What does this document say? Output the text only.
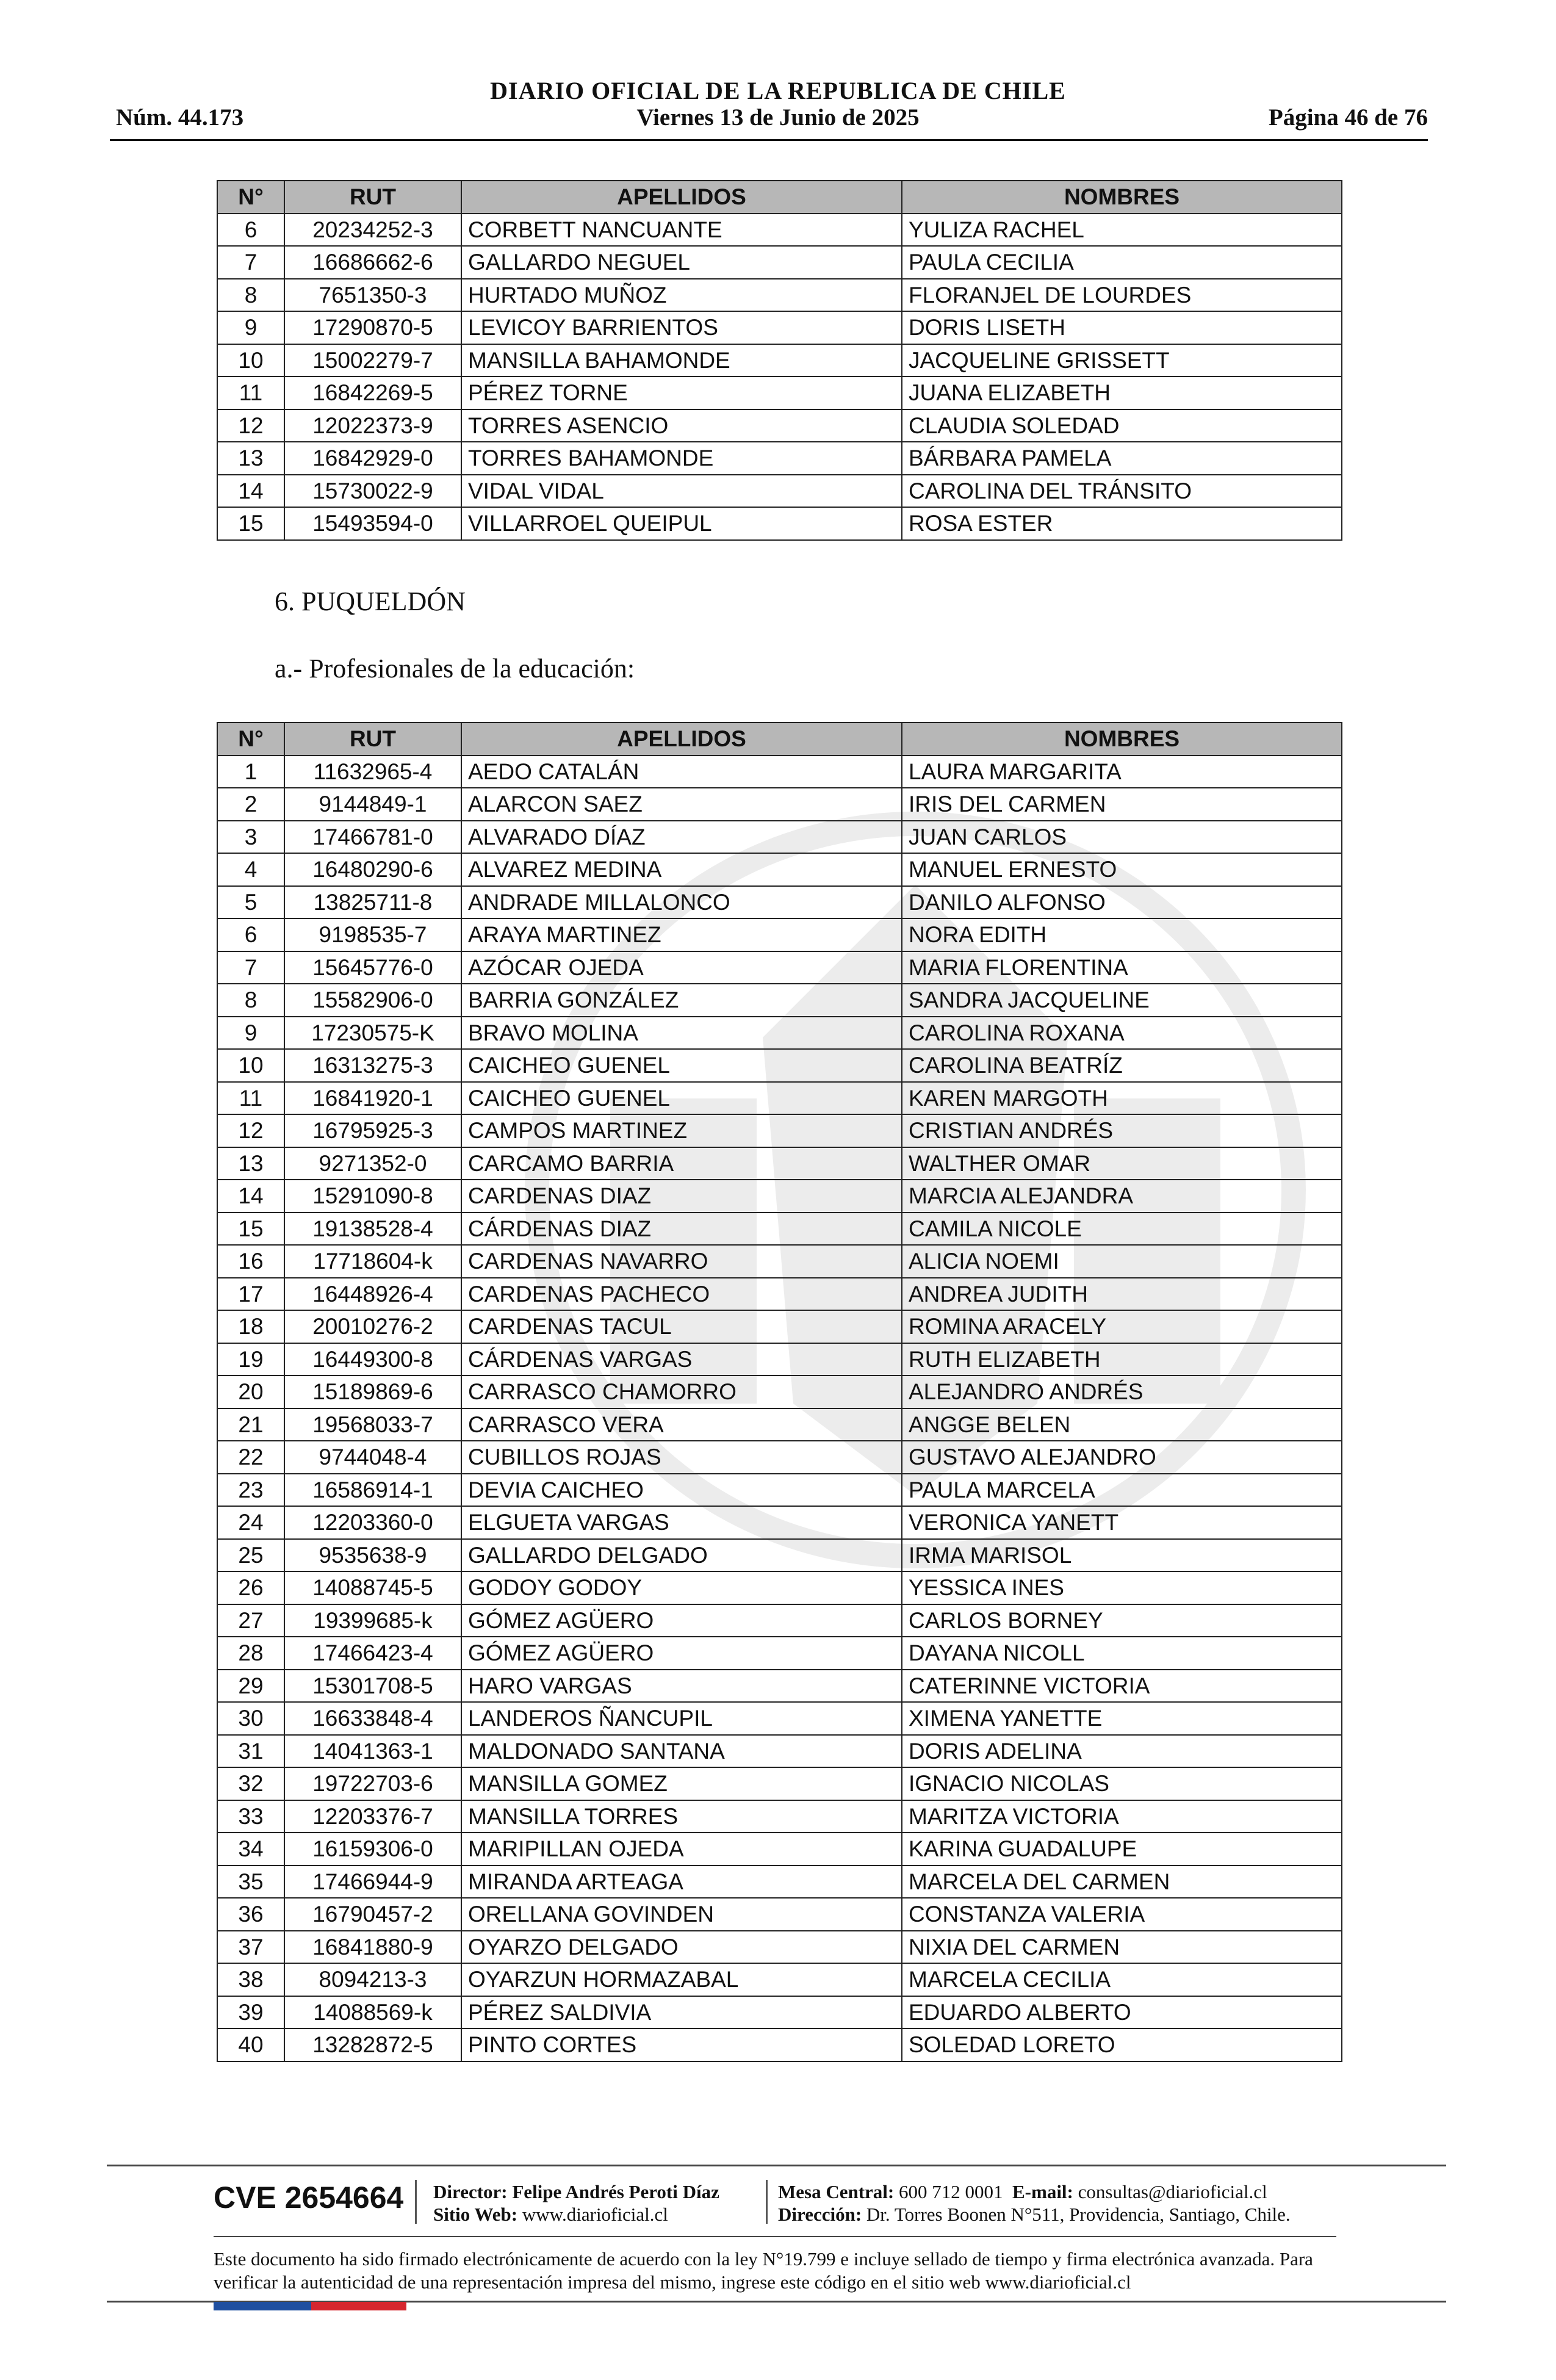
DIARIO OFICIAL DE LA REPUBLICA DE CHILE
Núm. 44.173	Viernes 13 de Junio de 2025	Página 46 de 76
N°	RUT	APELLIDOS	NOMBRES
6	20234252-3	CORBETT NANCUANTE	YULIZA RACHEL
7	16686662-6	GALLARDO NEGUEL	PAULA CECILIA
8	7651350-3	HURTADO MUÑOZ	FLORANJEL DE LOURDES
9	17290870-5	LEVICOY BARRIENTOS	DORIS LISETH
10	15002279-7	MANSILLA BAHAMONDE	JACQUELINE GRISSETT
11	16842269-5	PÉREZ TORNE	JUANA ELIZABETH
12	12022373-9	TORRES ASENCIO	CLAUDIA SOLEDAD
13	16842929-0	TORRES BAHAMONDE	BÁRBARA PAMELA
14	15730022-9	VIDAL VIDAL	CAROLINA DEL TRÁNSITO
15	15493594-0	VILLARROEL QUEIPUL	ROSA ESTER
6. PUQUELDÓN
a.- Profesionales de la educación:
N°	RUT	APELLIDOS	NOMBRES
1	11632965-4	AEDO CATALÁN	LAURA MARGARITA
2	9144849-1	ALARCON SAEZ	IRIS DEL CARMEN
3	17466781-0	ALVARADO DÍAZ	JUAN CARLOS
4	16480290-6	ALVAREZ MEDINA	MANUEL ERNESTO
5	13825711-8	ANDRADE MILLALONCO	DANILO ALFONSO
6	9198535-7	ARAYA MARTINEZ	NORA EDITH
7	15645776-0	AZÓCAR OJEDA	MARIA FLORENTINA
8	15582906-0	BARRIA GONZÁLEZ	SANDRA JACQUELINE
9	17230575-K	BRAVO MOLINA	CAROLINA ROXANA
10	16313275-3	CAICHEO GUENEL	CAROLINA BEATRÍZ
11	16841920-1	CAICHEO GUENEL	KAREN MARGOTH
12	16795925-3	CAMPOS MARTINEZ	CRISTIAN ANDRÉS
13	9271352-0	CARCAMO BARRIA	WALTHER OMAR
14	15291090-8	CARDENAS DIAZ	MARCIA ALEJANDRA
15	19138528-4	CÁRDENAS DIAZ	CAMILA NICOLE
16	17718604-k	CARDENAS NAVARRO	ALICIA NOEMI
17	16448926-4	CARDENAS PACHECO	ANDREA JUDITH
18	20010276-2	CARDENAS TACUL	ROMINA ARACELY
19	16449300-8	CÁRDENAS VARGAS	RUTH ELIZABETH
20	15189869-6	CARRASCO CHAMORRO	ALEJANDRO ANDRÉS
21	19568033-7	CARRASCO VERA	ANGGE BELEN
22	9744048-4	CUBILLOS ROJAS	GUSTAVO ALEJANDRO
23	16586914-1	DEVIA CAICHEO	PAULA MARCELA
24	12203360-0	ELGUETA VARGAS	VERONICA YANETT
25	9535638-9	GALLARDO DELGADO	IRMA MARISOL
26	14088745-5	GODOY GODOY	YESSICA INES
27	19399685-k	GÓMEZ AGÜERO	CARLOS BORNEY
28	17466423-4	GÓMEZ AGÜERO	DAYANA NICOLL
29	15301708-5	HARO VARGAS	CATERINNE VICTORIA
30	16633848-4	LANDEROS ÑANCUPIL	XIMENA YANETTE
31	14041363-1	MALDONADO SANTANA	DORIS ADELINA
32	19722703-6	MANSILLA GOMEZ	IGNACIO NICOLAS
33	12203376-7	MANSILLA TORRES	MARITZA VICTORIA
34	16159306-0	MARIPILLAN OJEDA	KARINA GUADALUPE
35	17466944-9	MIRANDA ARTEAGA	MARCELA DEL CARMEN
36	16790457-2	ORELLANA GOVINDEN	CONSTANZA VALERIA
37	16841880-9	OYARZO DELGADO	NIXIA DEL CARMEN
38	8094213-3	OYARZUN HORMAZABAL	MARCELA CECILIA
39	14088569-k	PÉREZ SALDIVIA	EDUARDO ALBERTO
40	13282872-5	PINTO CORTES	SOLEDAD LORETO
CVE 2654664 Director: Felipe Andrés Peroti Díaz
Sitio Web: www.diarioficial.cl
Mesa Central: 600 712 0001 E-mail: consultas@diarioficial.cl
Dirección: Dr. Torres Boonen N°511, Providencia, Santiago, Chile.
Este documento ha sido firmado electrónicamente de acuerdo con la ley N°19.799 e incluye sellado de tiempo y firma electrónica avanzada. Para verificar la autenticidad de una representación impresa del mismo, ingrese este código en el sitio web www.diarioficial.cl
